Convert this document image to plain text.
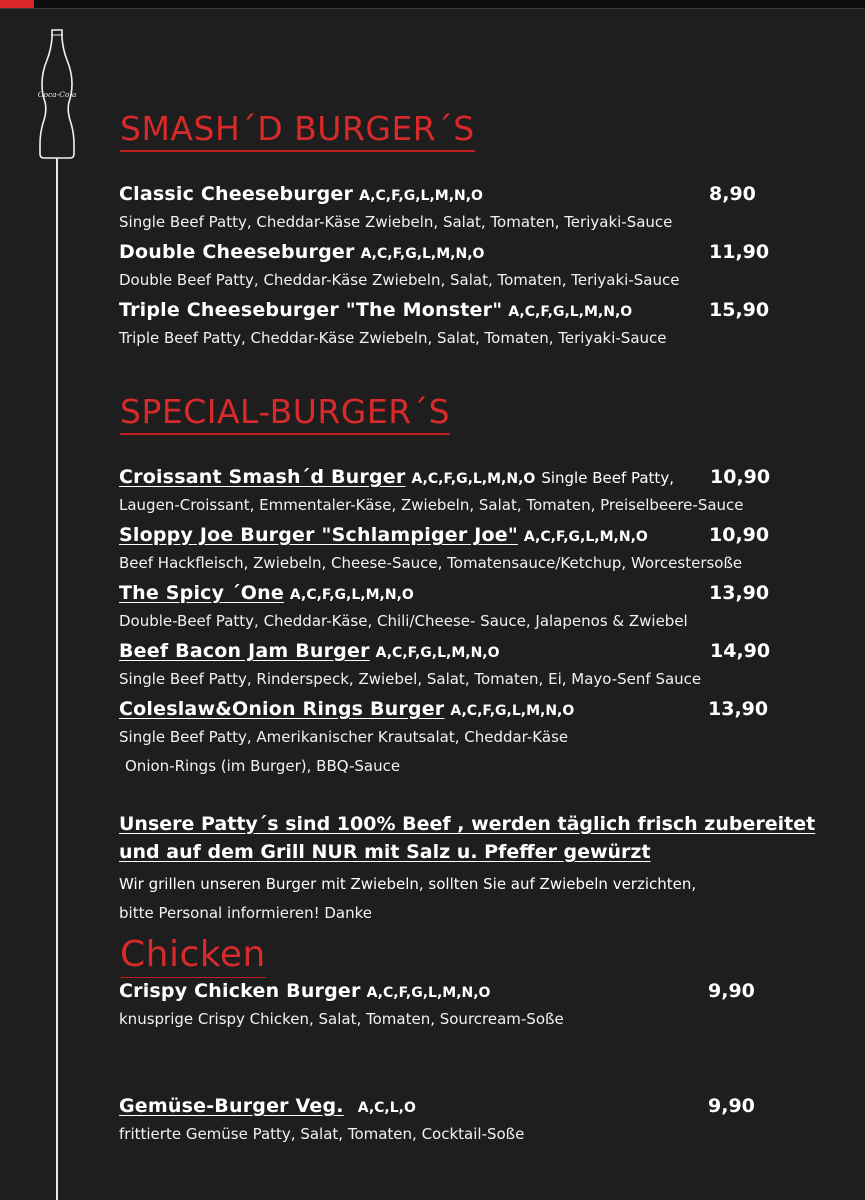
Coca-Cola
SMASH´D BURGER´S
Classic Cheeseburger A,C,F,G,L,M,N,O	8,90
Single Beef Patty, Cheddar-Käse Zwiebeln, Salat, Tomaten, Teriyaki-Sauce
Double Cheeseburger A,C,F,G,L,M,N,O	11,90
Double Beef Patty, Cheddar-Käse Zwiebeln, Salat, Tomaten, Teriyaki-Sauce
Triple Cheeseburger "The Monster" A,C,F,G,L,M,N,O	15,90
Triple Beef Patty, Cheddar-Käse Zwiebeln, Salat, Tomaten, Teriyaki-Sauce
SPECIAL-BURGER´S
Croissant Smash´d Burger A,C,F,G,L,M,N,O Single Beef Patty, 10,90
Laugen-Croissant, Emmentaler-Käse, Zwiebeln, Salat, Tomaten, Preiselbeere-Sauce
Sloppy Joe Burger "Schlampiger Joe" A,C,F,G,L,M,N,O	10,90
Beef Hackfleisch, Zwiebeln, Cheese-Sauce, Tomatensauce/Ketchup, Worcestersoße
The Spicy ´One A,C,F,G,L,M,N,O	13,90
Double-Beef Patty, Cheddar-Käse, Chili/Cheese- Sauce, Jalapenos & Zwiebel
Beef Bacon Jam Burger A,C,F,G,L,M,N,O	14,90
Single Beef Patty, Rinderspeck, Zwiebel, Salat, Tomaten, Ei, Mayo-Senf Sauce
Coleslaw&Onion Rings Burger A,C,F,G,L,M,N,O	13,90
Single Beef Patty, Amerikanischer Krautsalat, Cheddar-Käse
Onion-Rings (im Burger), BBQ-Sauce
Unsere Patty´s sind 100% Beef , werden täglich frisch zubereitet
und auf dem Grill NUR mit Salz u. Pfeffer gewürzt
Wir grillen unseren Burger mit Zwiebeln, sollten Sie auf Zwiebeln verzichten,
bitte Personal informieren! Danke
Chicken
Crispy Chicken Burger A,C,F,G,L,M,N,O	9,90
knusprige Crispy Chicken, Salat, Tomaten, Sourcream-Soße
Gemüse-Burger Veg. A,C,L,O	9,90
frittierte Gemüse Patty, Salat, Tomaten, Cocktail-Soße
